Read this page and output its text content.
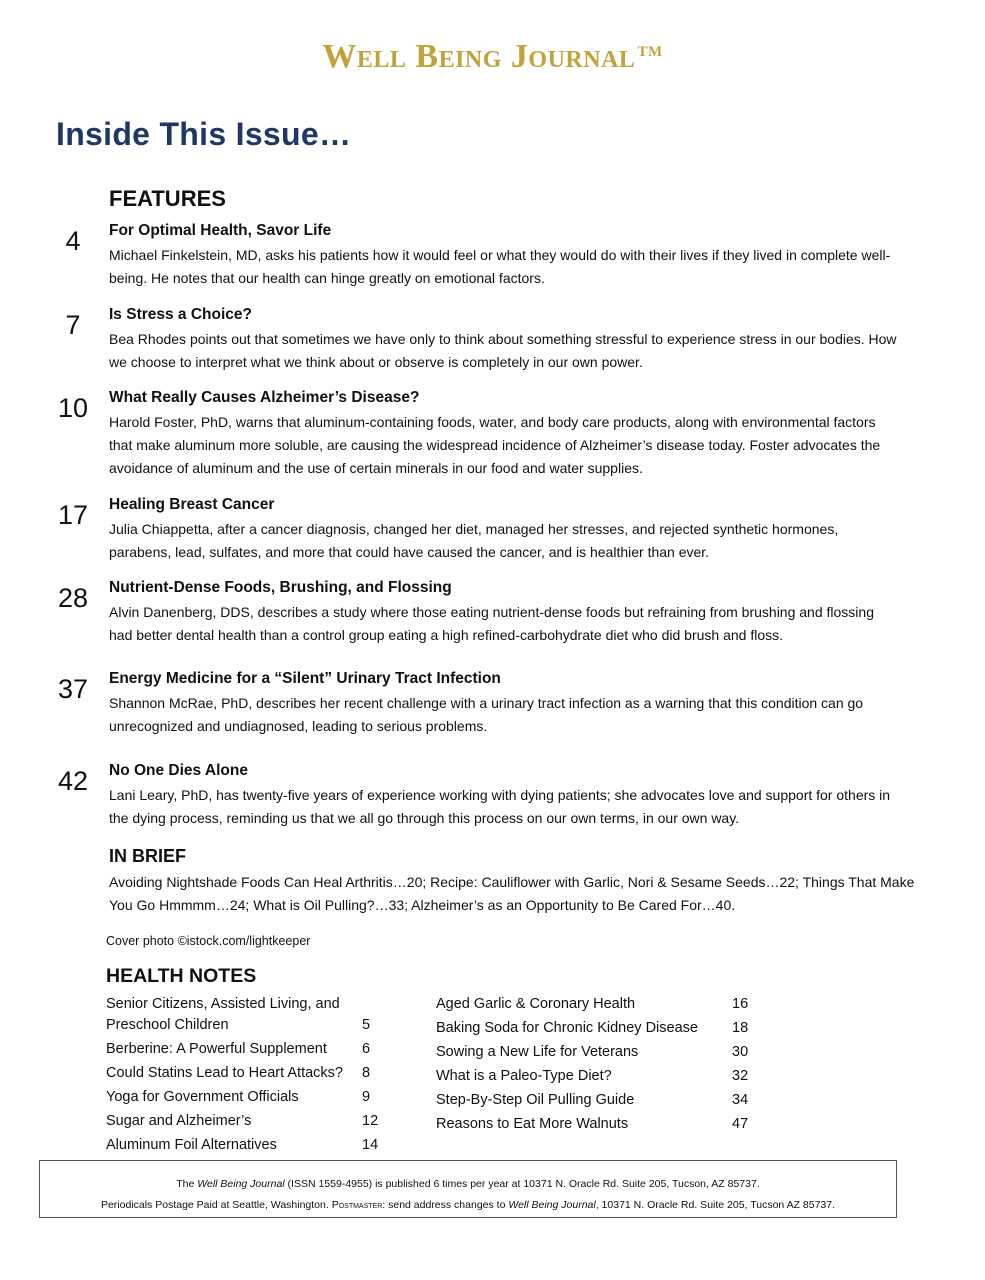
Well Being Journal ™
Inside This Issue…
FEATURES
4	For Optimal Health, Savor Life
Michael Finkelstein, MD, asks his patients how it would feel or what they would do with their lives if they lived in complete well-being. He notes that our health can hinge greatly on emotional factors.
7	Is Stress a Choice?
Bea Rhodes points out that sometimes we have only to think about something stressful to experience stress in our bodies. How we choose to interpret what we think about or observe is completely in our own power.
10 What Really Causes Alzheimer’s Disease?
Harold Foster, PhD, warns that aluminum-containing foods, water, and body care products, along with environmental factors that make aluminum more soluble, are causing the widespread incidence of Alzheimer’s disease today. Foster advocates the avoidance of aluminum and the use of certain minerals in our food and water supplies.
17 Healing Breast Cancer
Julia Chiappetta, after a cancer diagnosis, changed her diet, managed her stresses, and rejected synthetic hormones, parabens, lead, sulfates, and more that could have caused the cancer, and is healthier than ever.
28 Nutrient-Dense Foods, Brushing, and Flossing
Alvin Danenberg, DDS, describes a study where those eating nutrient-dense foods but refraining from brushing and flossing had better dental health than a control group eating a high refined-carbohydrate diet who did brush and floss.
37 Energy Medicine for a “Silent” Urinary Tract Infection
Shannon McRae, PhD, describes her recent challenge with a urinary tract infection as a warning that this condition can go unrecognized and undiagnosed, leading to serious problems.
42 No One Dies Alone
Lani Leary, PhD, has twenty-five years of experience working with dying patients; she advocates love and support for others in the dying process, reminding us that we all go through this process on our own terms, in our own way.
IN BRIEF
Avoiding Nightshade Foods Can Heal Arthritis…20; Recipe: Cauliflower with Garlic, Nori & Sesame Seeds…22; Things That Make You Go Hmmmm…24; What is Oil Pulling?…33; Alzheimer’s as an Opportunity to Be Cared For…40.
Cover photo ©istock.com/lightkeeper
HEALTH NOTES
Senior Citizens, Assisted Living, and
Preschool Children	5
Berberine: A Powerful Supplement 6
Could Statins Lead to Heart Attacks? 8
Yoga for Government Officials	9
Sugar and Alzheimer’s	12
Aluminum Foil Alternatives	14
Aged Garlic & Coronary Health	16
Baking Soda for Chronic Kidney Disease 18
Sowing a New Life for Veterans	30
What is a Paleo-Type Diet?	32
Step-By-Step Oil Pulling Guide	34
Reasons to Eat More Walnuts	47
The Well Being Journal (ISSN 1559-4955) is published 6 times per year at 10371 N. Oracle Rd. Suite 205, Tucson, AZ 85737.
Periodicals Postage Paid at Seattle, Washington. Postmaster: send address changes to Well Being Journal, 10371 N. Oracle Rd. Suite 205, Tucson AZ 85737.
